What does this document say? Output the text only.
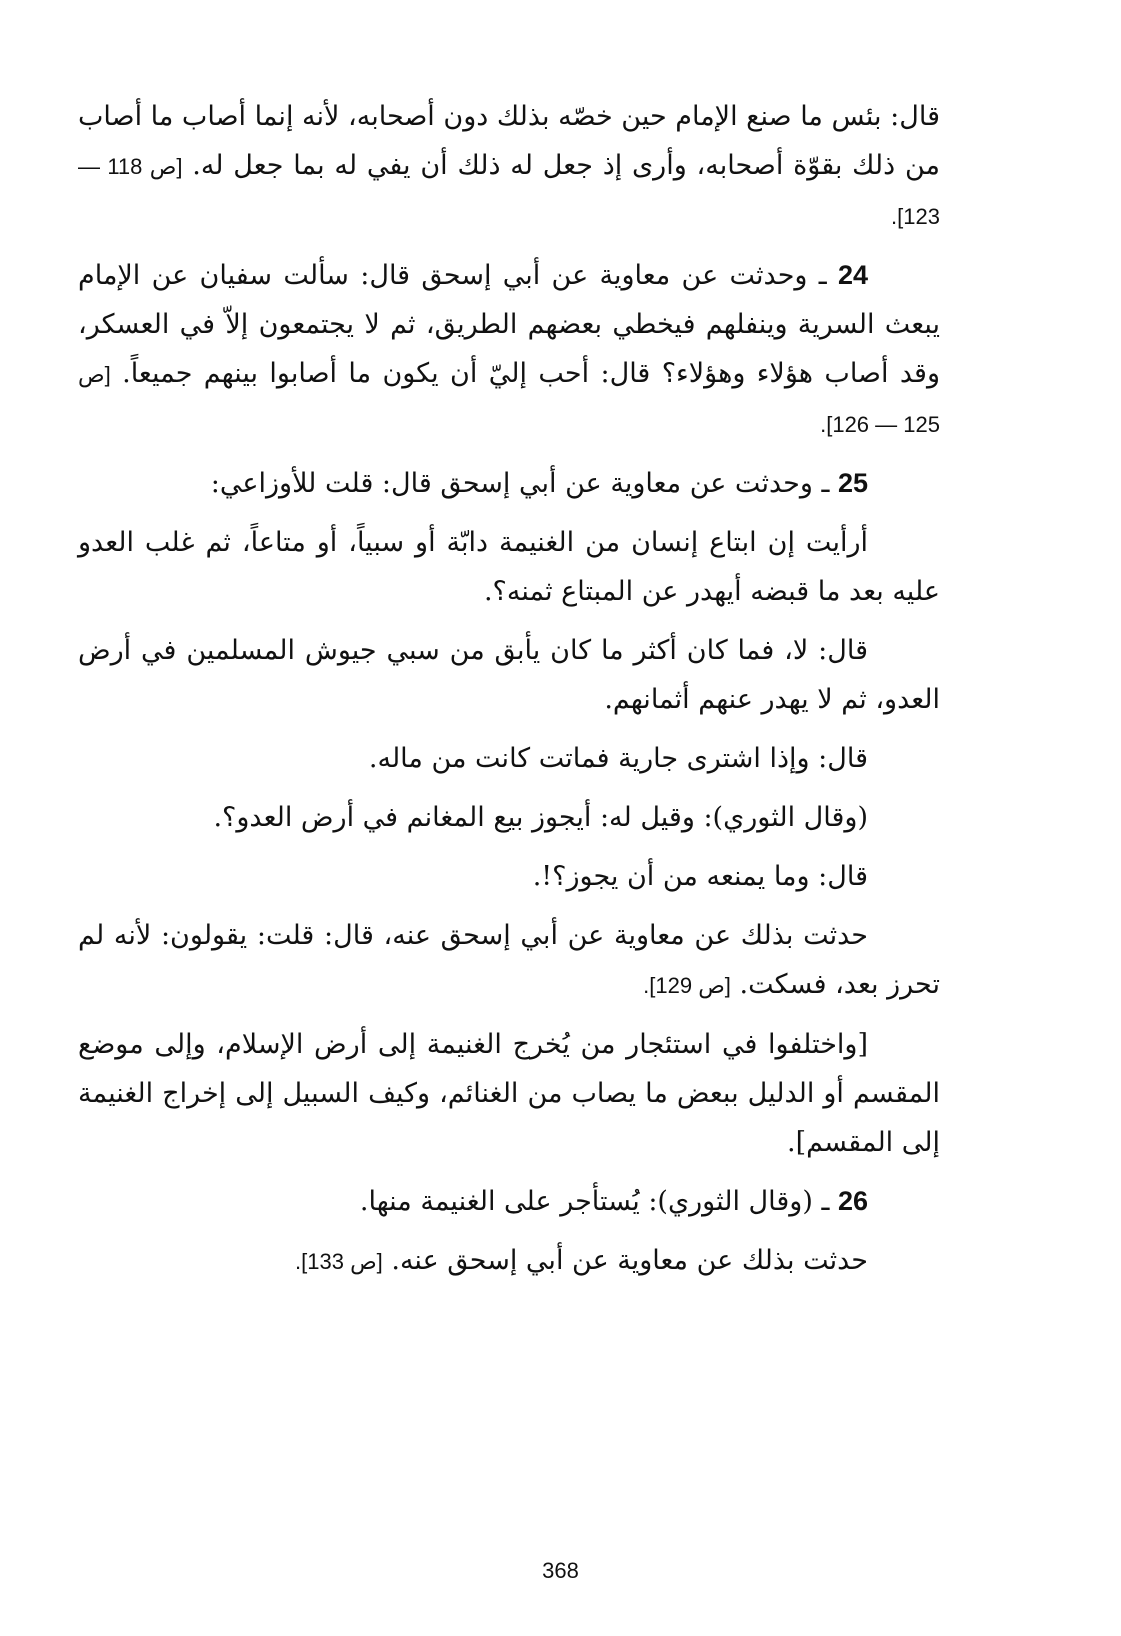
قال: بئس ما صنع الإمام حين خصّه بذلك دون أصحابه، لأنه إنما أصاب ما أصاب من ذلك بقوّة أصحابه، وأرى إذ جعل له ذلك أن يفي له بما جعل له. [ص 118 — 123].

24 ـ وحدثت عن معاوية عن أبي إسحق قال: سألت سفيان عن الإمام يبعث السرية وينفلهم فيخطي بعضهم الطريق، ثم لا يجتمعون إلاّ في العسكر، وقد أصاب هؤلاء وهؤلاء؟ قال: أحب إليّ أن يكون ما أصابوا بينهم جميعاً. [ص 125 — 126].

25 ـ وحدثت عن معاوية عن أبي إسحق قال: قلت للأوزاعي:

أرأيت إن ابتاع إنسان من الغنيمة دابّة أو سبياً، أو متاعاً، ثم غلب العدو عليه بعد ما قبضه أيهدر عن المبتاع ثمنه؟.

قال: لا، فما كان أكثر ما كان يأبق من سبي جيوش المسلمين في أرض العدو، ثم لا يهدر عنهم أثمانهم.

قال: وإذا اشترى جارية فماتت كانت من ماله.

(وقال الثوري): وقيل له: أيجوز بيع المغانم في أرض العدو؟.

قال: وما يمنعه من أن يجوز؟!.

حدثت بذلك عن معاوية عن أبي إسحق عنه، قال: قلت: يقولون: لأنه لم تحرز بعد، فسكت. [ص 129].

[واختلفوا في استئجار من يُخرج الغنيمة إلى أرض الإسلام، وإلى موضع المقسم أو الدليل ببعض ما يصاب من الغنائم، وكيف السبيل إلى إخراج الغنيمة إلى المقسم].

26 ـ (وقال الثوري): يُستأجر على الغنيمة منها.

حدثت بذلك عن معاوية عن أبي إسحق عنه. [ص 133].

368
